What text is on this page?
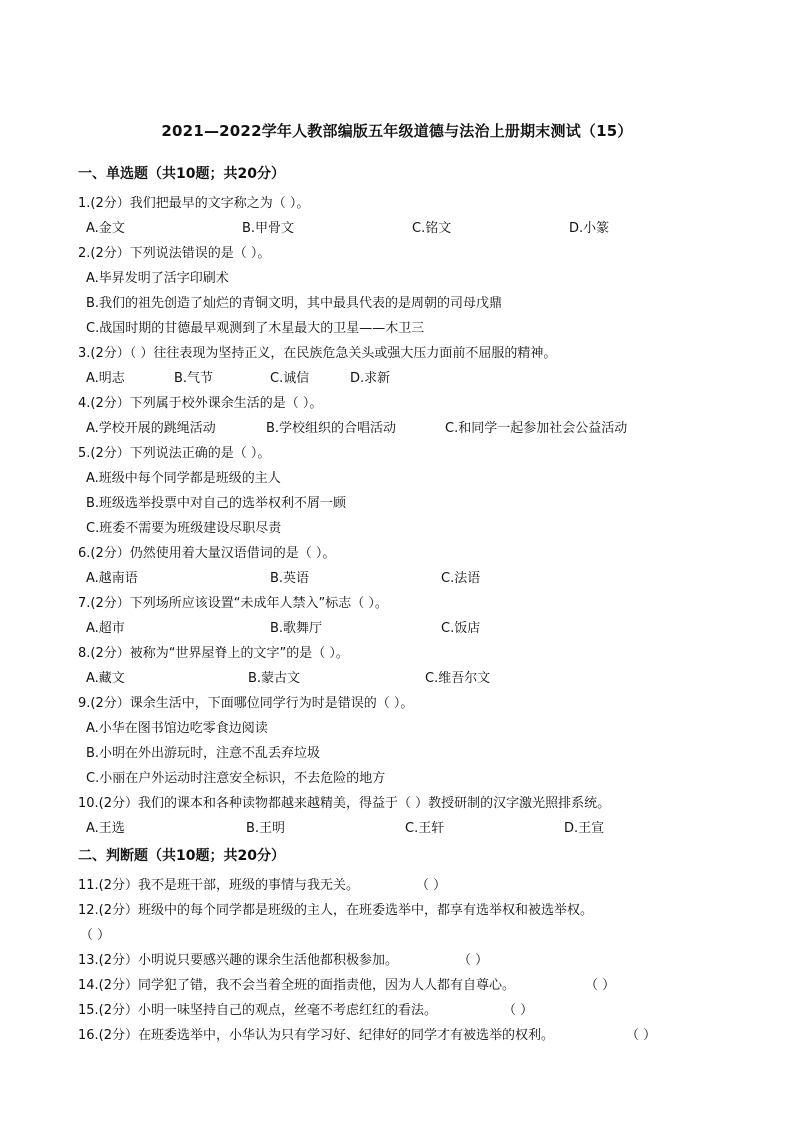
2021—2022学年人教部编版五年级道德与法治上册期末测试（15）
一、单选题（共10题；共20分）
1.(2分）我们把最早的文字称之为（ ）。
A.金文	B.甲骨文	C.铭文	D.小篆
2.(2分）下列说法错误的是（ ）。
A.毕昇发明了活字印刷术
B.我们的祖先创造了灿烂的青铜文明，其中最具代表的是周朝的司母戊鼎
C.战国时期的甘德最早观测到了木星最大的卫星——木卫三
3.(2分）（ ）往往表现为坚持正义，在民族危急关头或强大压力面前不屈服的精神。
A.明志	B.气节	C.诚信	D.求新
4.(2分）下列属于校外课余生活的是（ ）。
A.学校开展的跳绳活动	B.学校组织的合唱活动	C.和同学一起参加社会公益活动
5.(2分）下列说法正确的是（ ）。
A.班级中每个同学都是班级的主人
B.班级选举投票中对自己的选举权利不屑一顾
C.班委不需要为班级建设尽职尽责
6.(2分）仍然使用着大量汉语借词的是（ ）。
A.越南语	B.英语	C.法语
7.(2分）下列场所应该设置“未成年人禁入”标志（ ）。
A.超市	B.歌舞厅	C.饭店
8.(2分）被称为“世界屋脊上的文字”的是（ ）。
A.藏文	B.蒙古文	C.维吾尔文
9.(2分）课余生活中，下面哪位同学行为时是错误的（ ）。
A.小华在图书馆边吃零食边阅读
B.小明在外出游玩时，注意不乱丢弃垃圾
C.小丽在户外运动时注意安全标识，不去危险的地方
10.(2分）我们的课本和各种读物都越来越精美，得益于（ ）教授研制的汉字激光照排系统。
A.王选	B.王明	C.王轩	D.王宣
二、判断题（共10题；共20分）
11.(2分）我不是班干部，班级的事情与我无关。	（ ）
12.(2分）班级中的每个同学都是班级的主人，在班委选举中，都享有选举权和被选举权。
（ ）
13.(2分）小明说只要感兴趣的课余生活他都积极参加。	（ ）
14.(2分）同学犯了错，我不会当着全班的面指责他，因为人人都有自尊心。	（ ）
15.(2分）小明一味坚持自己的观点，丝毫不考虑红红的看法。	（ ）
16.(2分）在班委选举中，小华认为只有学习好、纪律好的同学才有被选举的权利。	（ ）
